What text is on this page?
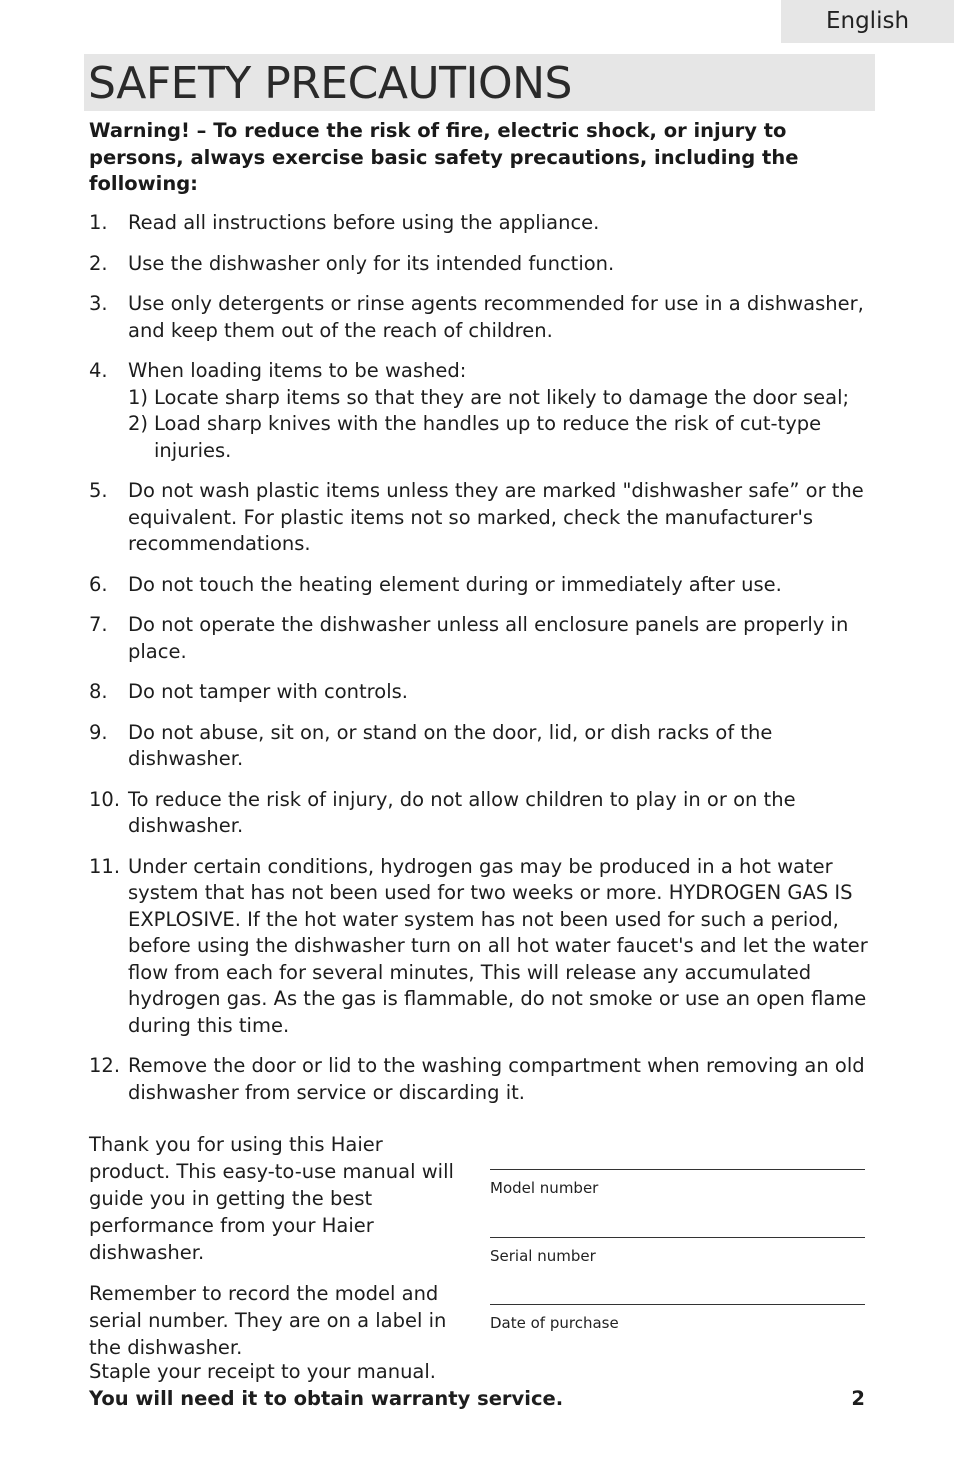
English
SAFETY PRECAUTIONS

Warning! – To reduce the risk of fire, electric shock, or injury to persons, always exercise basic safety precautions, including the following:

1. Read all instructions before using the appliance.
2. Use the dishwasher only for its intended function.
3. Use only detergents or rinse agents recommended for use in a dishwasher, and keep them out of the reach of children.
4. When loading items to be washed:
1) Locate sharp items so that they are not likely to damage the door seal;
2) Load sharp knives with the handles up to reduce the risk of cut-type injuries.
5. Do not wash plastic items unless they are marked "dishwasher safe” or the equivalent. For plastic items not so marked, check the manufacturer's recommendations.
6. Do not touch the heating element during or immediately after use.
7. Do not operate the dishwasher unless all enclosure panels are properly in place.
8. Do not tamper with controls.
9. Do not abuse, sit on, or stand on the door, lid, or dish racks of the dishwasher.
10. To reduce the risk of injury, do not allow children to play in or on the dishwasher.
11. Under certain conditions, hydrogen gas may be produced in a hot water system that has not been used for two weeks or more. HYDROGEN GAS IS EXPLOSIVE. If the hot water system has not been used for such a period, before using the dishwasher turn on all hot water faucet's and let the water flow from each for several minutes, This will release any accumulated hydrogen gas. As the gas is flammable, do not smoke or use an open flame during this time.
12. Remove the door or lid to the washing compartment when removing an old dishwasher from service or discarding it.

Thank you for using this Haier product. This easy-to-use manual will guide you in getting the best performance from your Haier dishwasher.

Remember to record the model and serial number. They are on a label in the dishwasher.

Model number
Serial number
Date of purchase
Staple your receipt to your manual.
You will need it to obtain warranty service.	2
